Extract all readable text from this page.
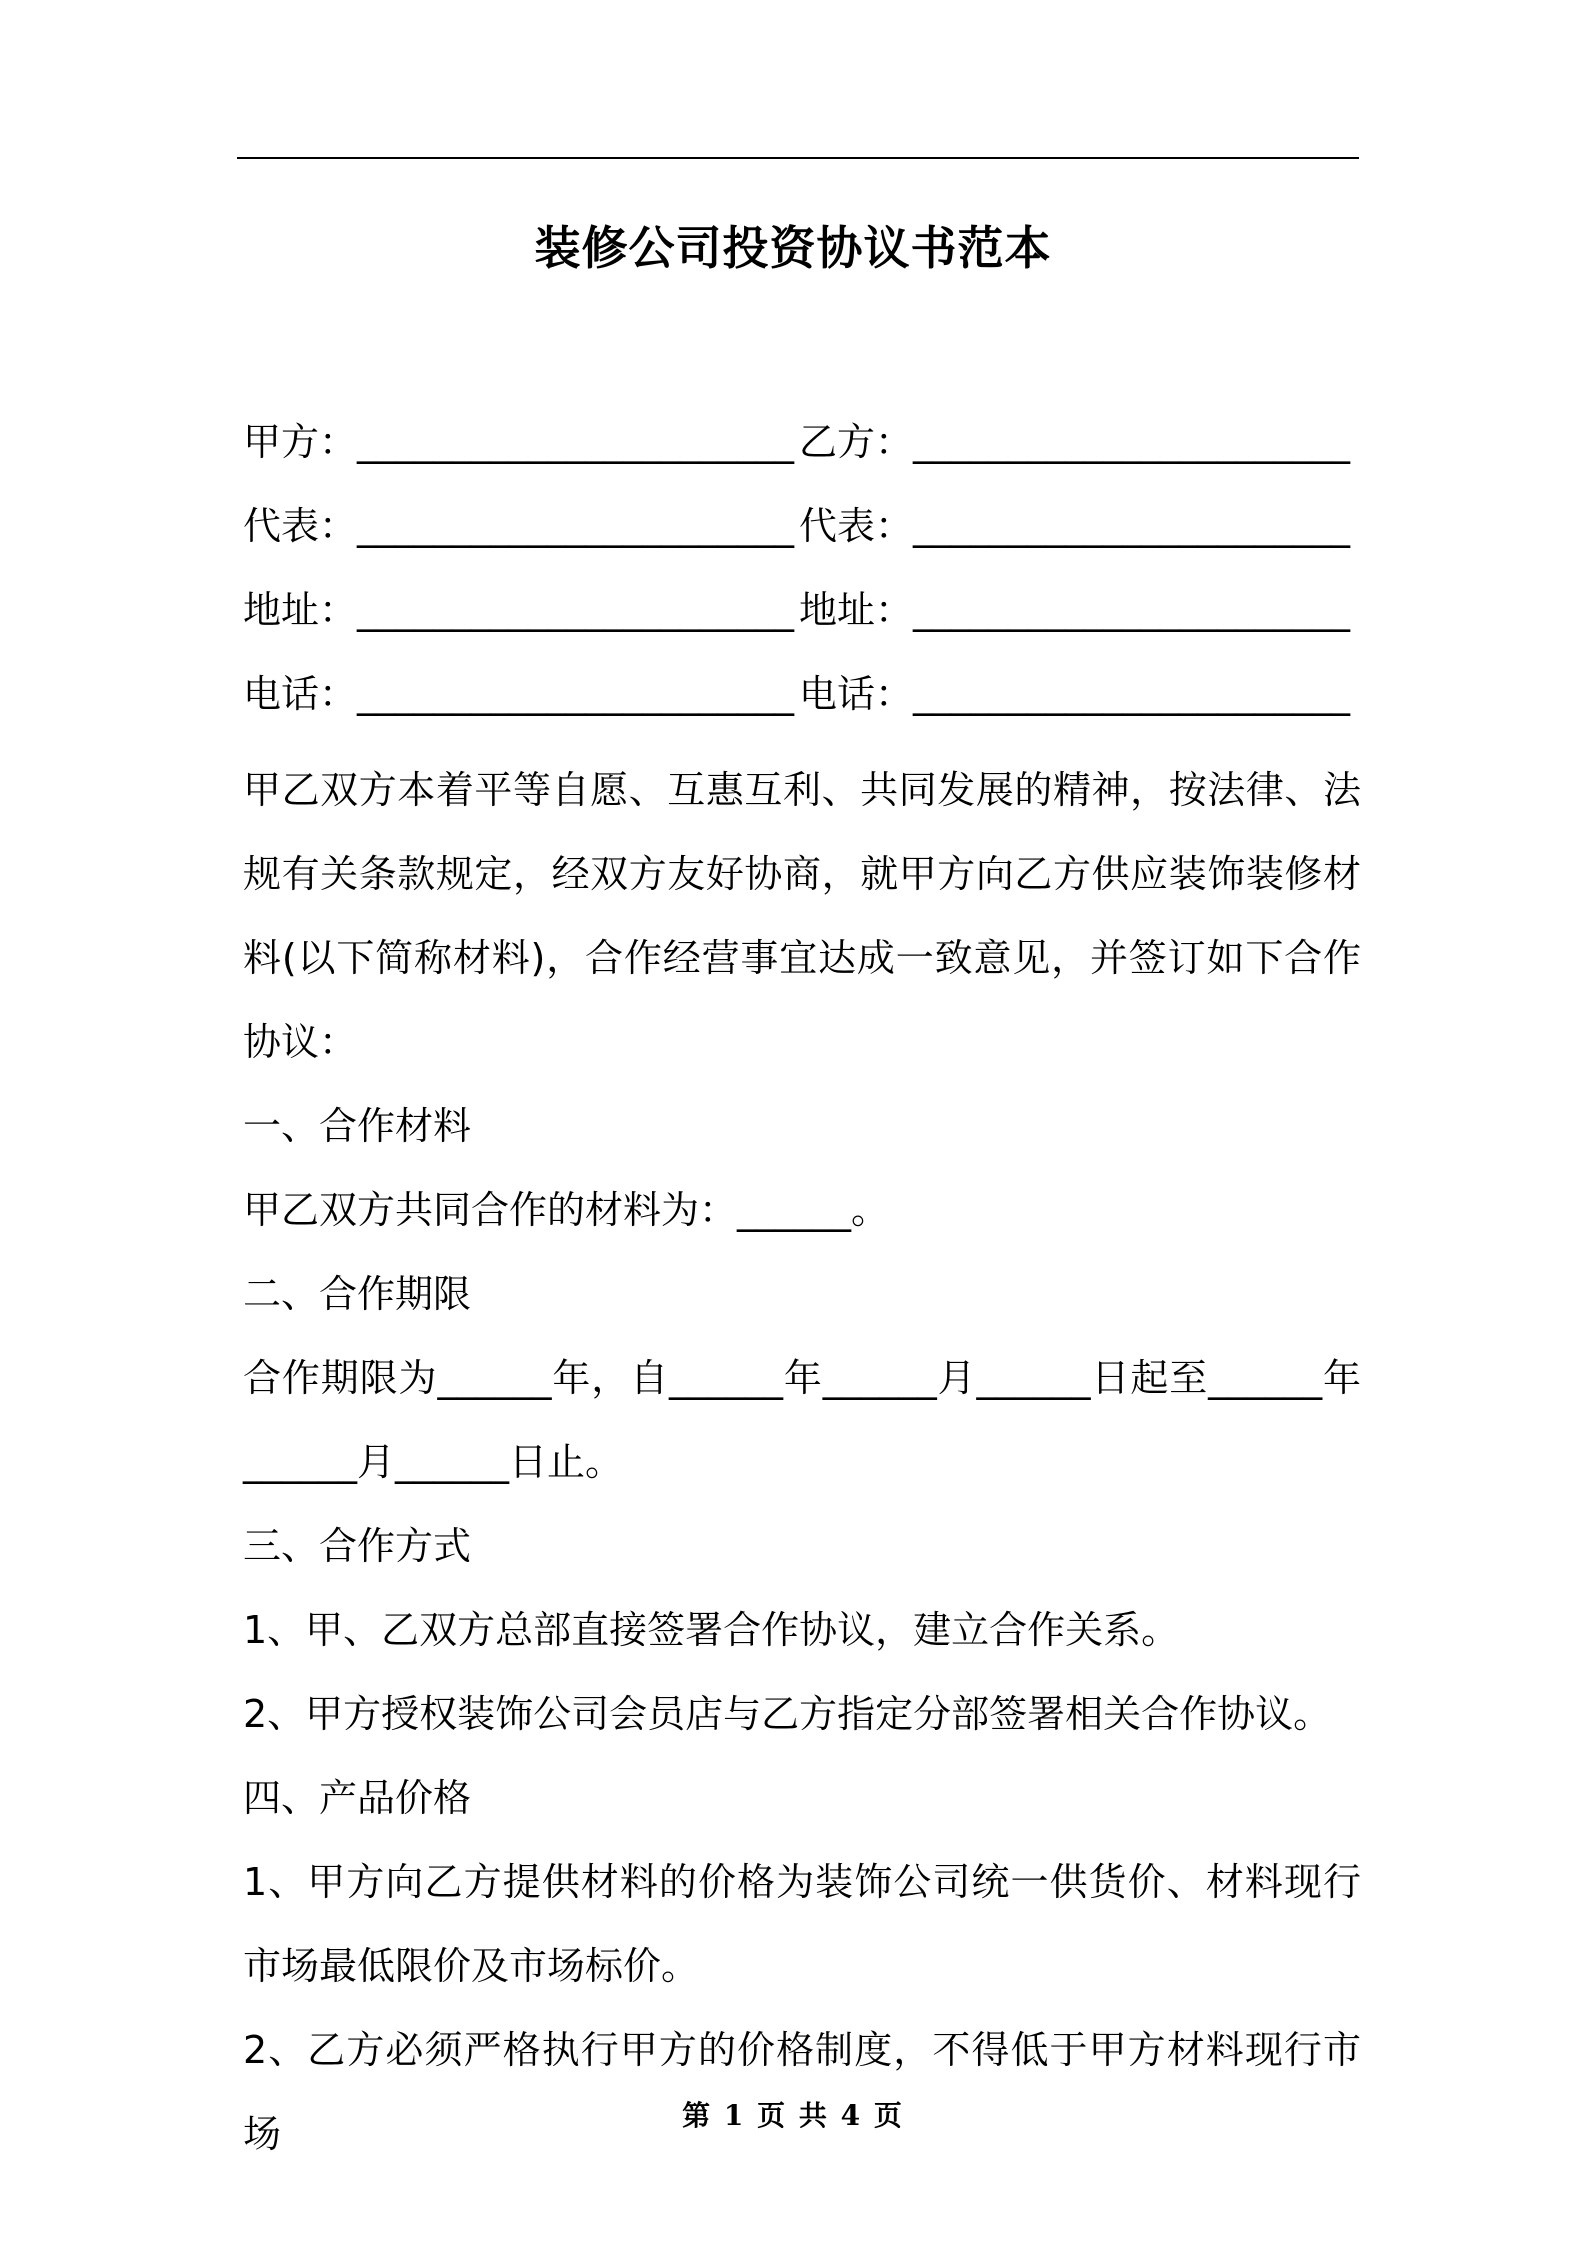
装修公司投资协议书范本
甲方：_______________________ 乙方：_______________________
代表：_______________________ 代表：_______________________
地址：_______________________ 地址：_______________________
电话：_______________________ 电话：_______________________

甲乙双方本着平等自愿、互惠互利、共同发展的精神，按法律、法规有关条款规定，经双方友好协商，就甲方向乙方供应装饰装修材料(以下简称材料)，合作经营事宜达成一致意见，并签订如下合作协议：

一、合作材料

甲乙双方共同合作的材料为：______。

二、合作期限

合作期限为______年，自______年______月______日起至______年______月______日止。

三、合作方式

1、甲、乙双方总部直接签署合作协议，建立合作关系。

2、甲方授权装饰公司会员店与乙方指定分部签署相关合作协议。

四、产品价格

1、甲方向乙方提供材料的价格为装饰公司统一供货价、材料现行市场最低限价及市场标价。

2、乙方必须严格执行甲方的价格制度，不得低于甲方材料现行市场	第 1 页 共 4 页
